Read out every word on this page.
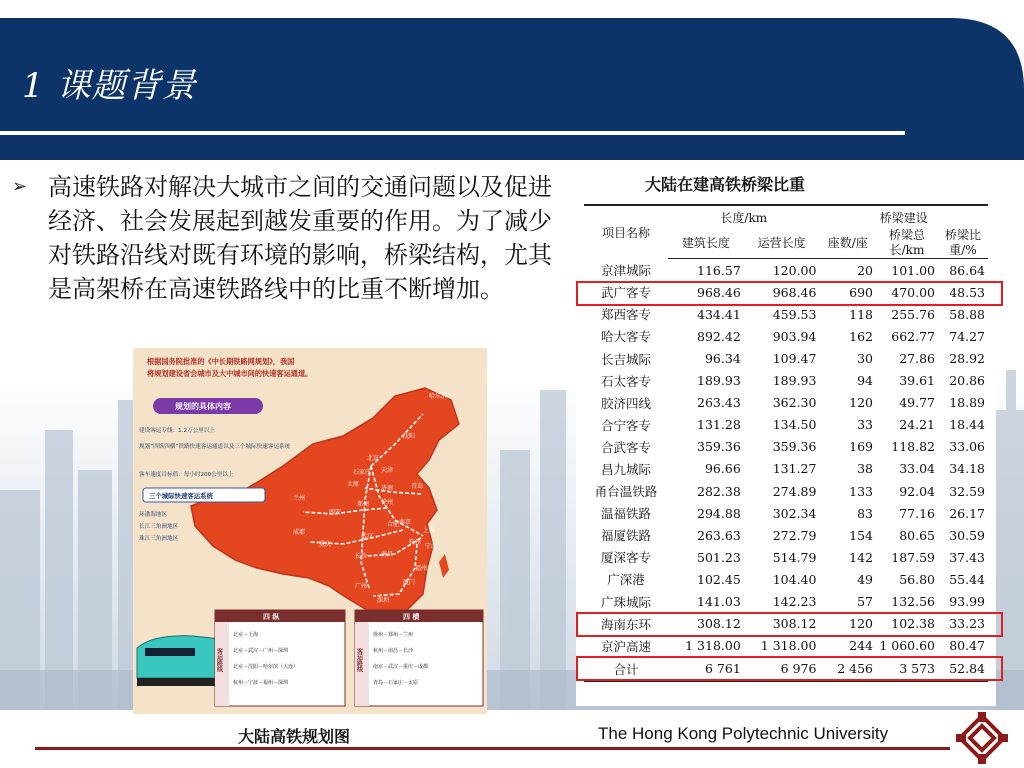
1 课题背景
➢ 高速铁路对解决大城市之间的交通问题以及促进经济、社会发展起到越发重要的作用。为了减少对铁路沿线对既有环境的影响，桥梁结构，尤其是高架桥在高速铁路线中的比重不断增加。
根据国务院批准的《中长期铁路网规划》，我国
将规划建设省会城市及大中城市间的快速客运通道。
哈尔滨
沈阳
北京
天津
石家庄
太原
济南	青岛
郑州 徐州
南京
上海
杭州
宁波
武汉
合肥
长沙 南昌
福州
厦门
深圳
广州
重庆
成都
西安
兰州
规划的具体内容
建设客运专线：1.2万公里以上
规划“四纵四横”铁路快速客运通道以及三个城际快速客运系统
客车速度目标值：每小时200公里以上
三个城际快速客运系统
环渤海地区
长江三角洲地区
珠江三角洲地区
四 纵
客运路线
北京－上海
北京－武汉－广州－深圳
北京－沈阳－哈尔滨（大连）
杭州－宁波－福州－深圳
四 横
客运路线
徐州－郑州－兰州
杭州－南昌－长沙
南京－武汉－重庆－成都
青岛－石家庄－太原
大陆高铁规划图
大陆在建高铁桥梁比重
项目名称	长度/km		桥梁建设		
	建筑长度	运营长度	座数/座	桥梁总长/km	桥梁比重/%
京津城际	116.57	120.00	20	101.00	86.64
武广客专	968.46	968.46	690	470.00	48.53
郑西客专	434.41	459.53	118	255.76	58.88
哈大客专	892.42	903.94	162	662.77	74.27
长吉城际	96.34	109.47	30	27.86	28.92
石太客专	189.93	189.93	94	39.61	20.86
胶济四线	263.43	362.30	120	49.77	18.89
合宁客专	131.28	134.50	33	24.21	18.44
合武客专	359.36	359.36	169	118.82	33.06
昌九城际	96.66	131.27	38	33.04	34.18
甬台温铁路	282.38	274.89	133	92.04	32.59
温福铁路	294.88	302.34	83	77.16	26.17
福厦铁路	263.63	272.79	154	80.65	30.59
厦深客专	501.23	514.79	142	187.59	37.43
广深港	102.45	104.40	49	56.80	55.44
广珠城际	141.03	142.23	57	132.56	93.99
海南东环	308.12	308.12	120	102.38	33.23
京沪高速	1 318.00	1 318.00	244	1 060.60	80.47
合计	6 761	6 976	2 456	3 573	52.84
The Hong Kong Polytechnic University
